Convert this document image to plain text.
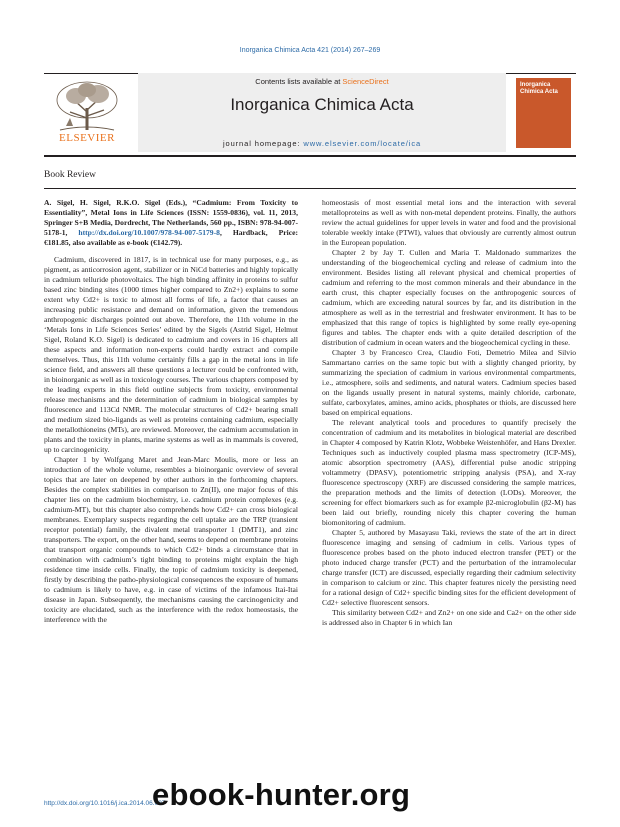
Inorganica Chimica Acta 421 (2014) 267–269
ELSEVIER
Contents lists available at ScienceDirect
Inorganica Chimica Acta
journal homepage: www.elsevier.com/locate/ica
Inorganica Chimica Acta
Book Review

A. Sigel, H. Sigel, R.K.O. Sigel (Eds.), “Cadmium: From Toxicity to Essentiality”, Metal Ions in Life Sciences (ISSN: 1559-0836), vol. 11, 2013, Springer S+B Media, Dordrecht, The Netherlands, 560 pp., ISBN: 978-94-007-5178-1, http://dx.doi.org/10.1007/978-94-007-5179-8, Hardback, Price: €181.85, also available as e-book (€142.79).

Cadmium, discovered in 1817, is in technical use for many purposes, e.g., as pigment, as anticorrosion agent, stabilizer or in NiCd batteries and highly topically in cadmium telluride photovoltaics. The high binding affinity in proteins to sulfur based zinc binding sites (1000 times higher compared to Zn2+) explains to some extent why Cd2+ is toxic to almost all forms of life, a factor that causes an increasing public resistance and demand on information, given the tremendous anthropogenic discharges pointed out above. Therefore, the 11th volume in the ‘Metals Ions in Life Sciences Series’ edited by the Sigels (Astrid Sigel, Helmut Sigel, Roland K.O. Sigel) is dedicated to cadmium and covers in 16 chapters all these aspects and information non-experts could hardly extract and compile themselves. Thus, this 11th volume certainly fills a gap in the metal ions in life science field, and answers all these questions a lecturer could be confronted with, in bioinorganic as well as in toxicology courses. The various chapters composed by the leading experts in this field outline subjects from toxicity, environmental release mechanisms and the determination of cadmium in biological samples by fluorescence and 113Cd NMR. The molecular structures of Cd2+ bearing small and medium sized bio-ligands as well as proteins containing cadmium, especially the metallothioneins (MTs), are reviewed. Moreover, the cadmium accumulation in plants and the toxicity in plants, marine systems as well as in mammals is covered, up to carcinogenicity.

Chapter 1 by Wolfgang Maret and Jean-Marc Moulis, more or less an introduction of the whole volume, resembles a bioinorganic overview of several topics that are later on deepened by other authors in the forthcoming chapters. Besides the complex stabilities in comparison to Zn(II), one major focus of this chapter lies on the cadmium biochemistry, i.e. cadmium protein complexes (e.g. cadmium-MT), but this chapter also comprehends how Cd2+ can cross biological membranes. Exemplary suspects regarding the cell uptake are the TRP (transient receptor potential) family, the divalent metal transporter 1 (DMT1), and zinc transporters. The export, on the other hand, seems to depend on membrane proteins that transport organic compounds to which Cd2+ binds a circumstance that in combination with cadmium’s tight binding to proteins might explain the high residence time inside cells. Finally, the topic of cadmium toxicity is deepened, firstly by describing the patho-physiological consequences the exposure of humans to cadmium is likely to have, e.g. in case of victims of the infamous Itai-Itai disease in Japan. Subsequently, the mechanisms causing the carcinogenicity and toxicity are elucidated, such as the interference with the redox homeostasis, the interference with the

homeostasis of most essential metal ions and the interaction with several metalloproteins as well as with non-metal dependent proteins. Finally, the authors review the actual guidelines for upper levels in water and food and the provisional tolerable weekly intake (PTWI), values that obviously are currently almost outrun in the European population.

Chapter 2 by Jay T. Cullen and Maria T. Maldonado summarizes the understanding of the biogeochemical cycling and release of cadmium into the environment. Besides listing all relevant physical and chemical properties of cadmium and referring to the most common minerals and their abundance in the earth crust, this chapter especially focuses on the anthropogenic sources of cadmium, which are exceeding natural sources by far, and its distribution in the atmosphere as well as in the terrestrial and freshwater environment. It has to be emphasized that this range of topics is highlighted by some really eye-opening figures and tables. The chapter ends with a quite detailed description of the distribution of cadmium in ocean waters and the biogeochemical cycling in these.

Chapter 3 by Francesco Crea, Claudio Foti, Demetrio Milea and Silvio Sammartano carries on the same topic but with a slightly changed priority, by summarizing the speciation of cadmium in various environmental compartments, i.e., atmosphere, soils and sediments, and natural waters. Cadmium species based on the ligands usually present in natural systems, mainly chloride, carbonate, sulfate, carboxylates, amines, amino acids, phosphates or thiols, are discussed here based on empirical equations.

The relevant analytical tools and procedures to quantify precisely the concentration of cadmium and its metabolites in biological material are described in Chapter 4 composed by Katrin Klotz, Wobbeke Weistenhöfer, and Hans Drexler. Techniques such as inductively coupled plasma mass spectrometry (ICP-MS), atomic absorption spectrometry (AAS), differential pulse anodic stripping voltammetry (DPASV), potentiometric stripping analysis (PSA), and X-ray fluorescence spectroscopy (XRF) are discussed considering the sample matrices, the preparation methods and the limits of detection (LODs). Moreover, the screening for effect biomarkers such as for example β2-microglobulin (β2-M) has been laid out briefly, rounding nicely this chapter covering the human biomonitoring of cadmium.

Chapter 5, authored by Masayasu Taki, reviews the state of the art in direct fluorescence imaging and sensing of cadmium in cells. Various types of fluorescence probes based on the photo induced electron transfer (PET) or the photo induced charge transfer (PCT) and the perturbation of the intramolecular charge transfer (ICT) are discussed, especially regarding their cadmium selectivity in comparison to calcium or zinc. This chapter features nicely the persisting need for a rational design of Cd2+ specific binding sites for the efficient development of Cd2+ selective fluorescent sensors.

This similarity between Cd2+ and Zn2+ on one side and Ca2+ on the other side is addressed also in Chapter 6 in which Ian

http://dx.doi.org/10.1016/j.ica.2014.06.007
ebook-hunter.org
